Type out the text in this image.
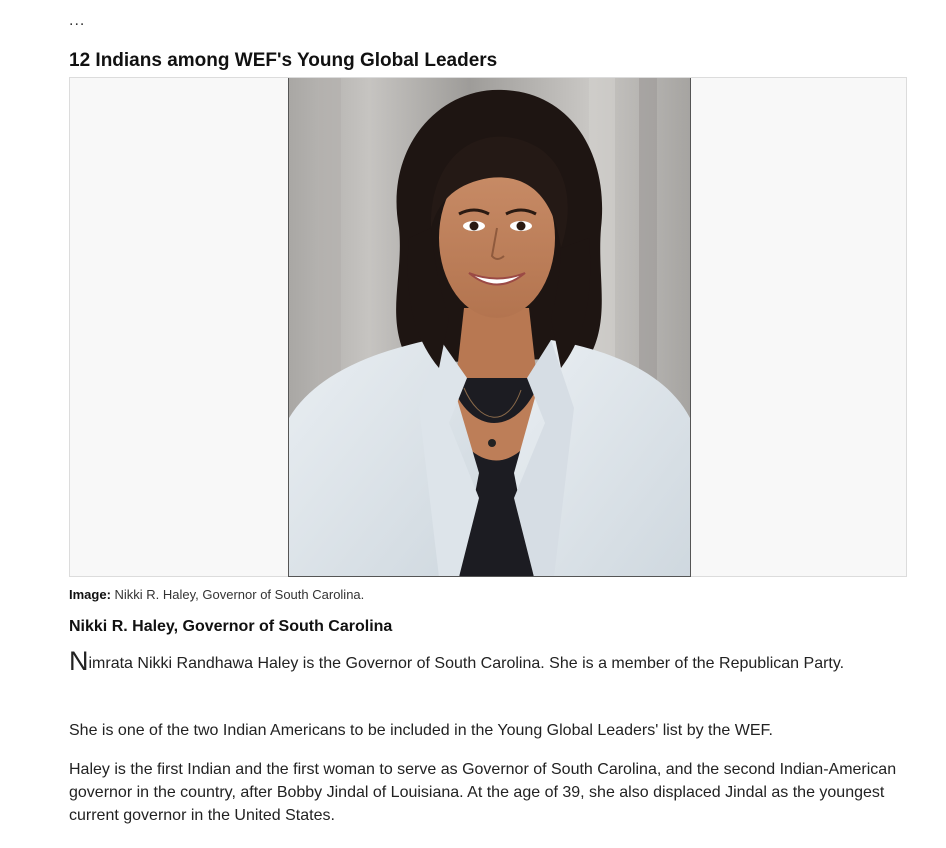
...
12 Indians among WEF's Young Global Leaders
Image: Nikki R. Haley, Governor of South Carolina.
Nikki R. Haley, Governor of South Carolina

Nimrata Nikki Randhawa Haley is the Governor of South Carolina. She is a member of the Republican Party.

She is one of the two Indian Americans to be included in the Young Global Leaders' list by the WEF.

Haley is the first Indian and the first woman to serve as Governor of South Carolina, and the second Indian-American governor in the country, after Bobby Jindal of Louisiana. At the age of 39, she also displaced Jindal as the youngest current governor in the United States.
